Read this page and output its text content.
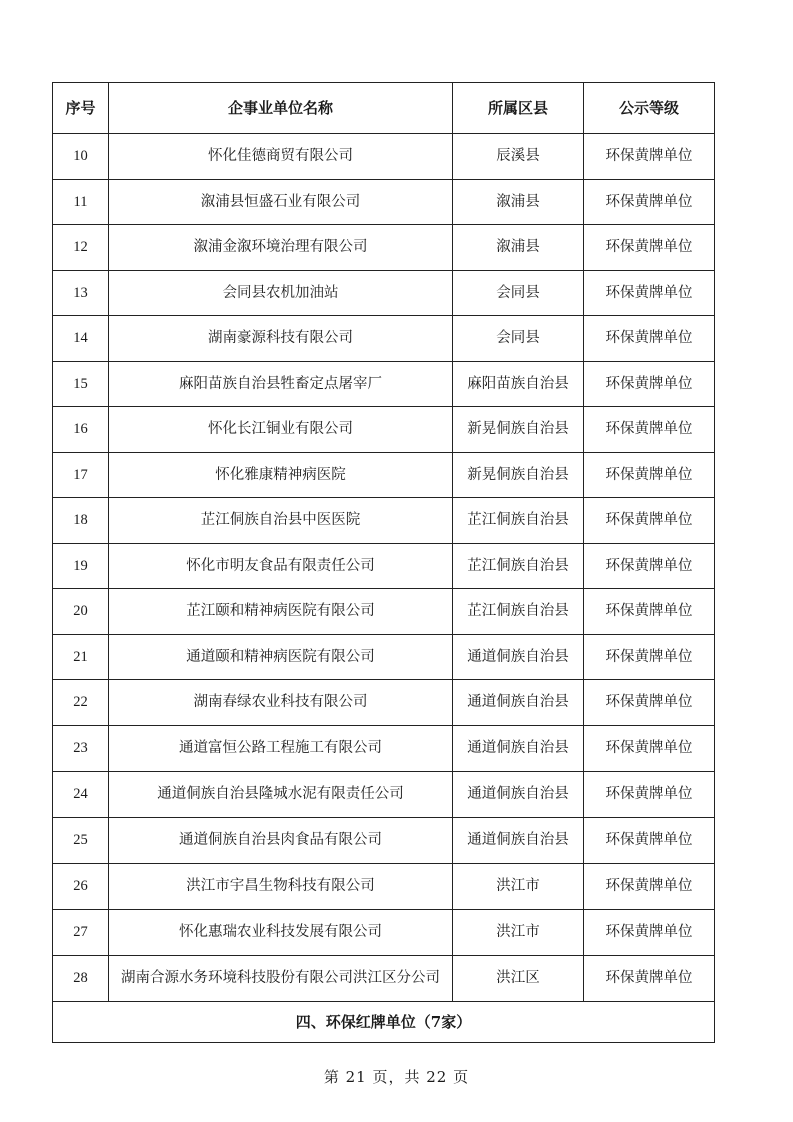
序号	企事业单位名称	所属区县	公示等级
10	怀化佳德商贸有限公司	辰溪县	环保黄牌单位
11	溆浦县恒盛石业有限公司	溆浦县	环保黄牌单位
12	溆浦金溆环境治理有限公司	溆浦县	环保黄牌单位
13	会同县农机加油站	会同县	环保黄牌单位
14	湖南豪源科技有限公司	会同县	环保黄牌单位
15	麻阳苗族自治县牲畜定点屠宰厂	麻阳苗族自治县	环保黄牌单位
16	怀化长江铜业有限公司	新晃侗族自治县	环保黄牌单位
17	怀化雅康精神病医院	新晃侗族自治县	环保黄牌单位
18	芷江侗族自治县中医医院	芷江侗族自治县	环保黄牌单位
19	怀化市明友食品有限责任公司	芷江侗族自治县	环保黄牌单位
20	芷江颐和精神病医院有限公司	芷江侗族自治县	环保黄牌单位
21	通道颐和精神病医院有限公司	通道侗族自治县	环保黄牌单位
22	湖南春绿农业科技有限公司	通道侗族自治县	环保黄牌单位
23	通道富恒公路工程施工有限公司	通道侗族自治县	环保黄牌单位
24	通道侗族自治县隆城水泥有限责任公司	通道侗族自治县	环保黄牌单位
25	通道侗族自治县肉食品有限公司	通道侗族自治县	环保黄牌单位
26	洪江市宇昌生物科技有限公司	洪江市	环保黄牌单位
27	怀化惠瑞农业科技发展有限公司	洪江市	环保黄牌单位
28	湖南合源水务环境科技股份有限公司洪江区分公司	洪江区	环保黄牌单位
四、环保红牌单位（7家）			
第 21 页，共 22 页
